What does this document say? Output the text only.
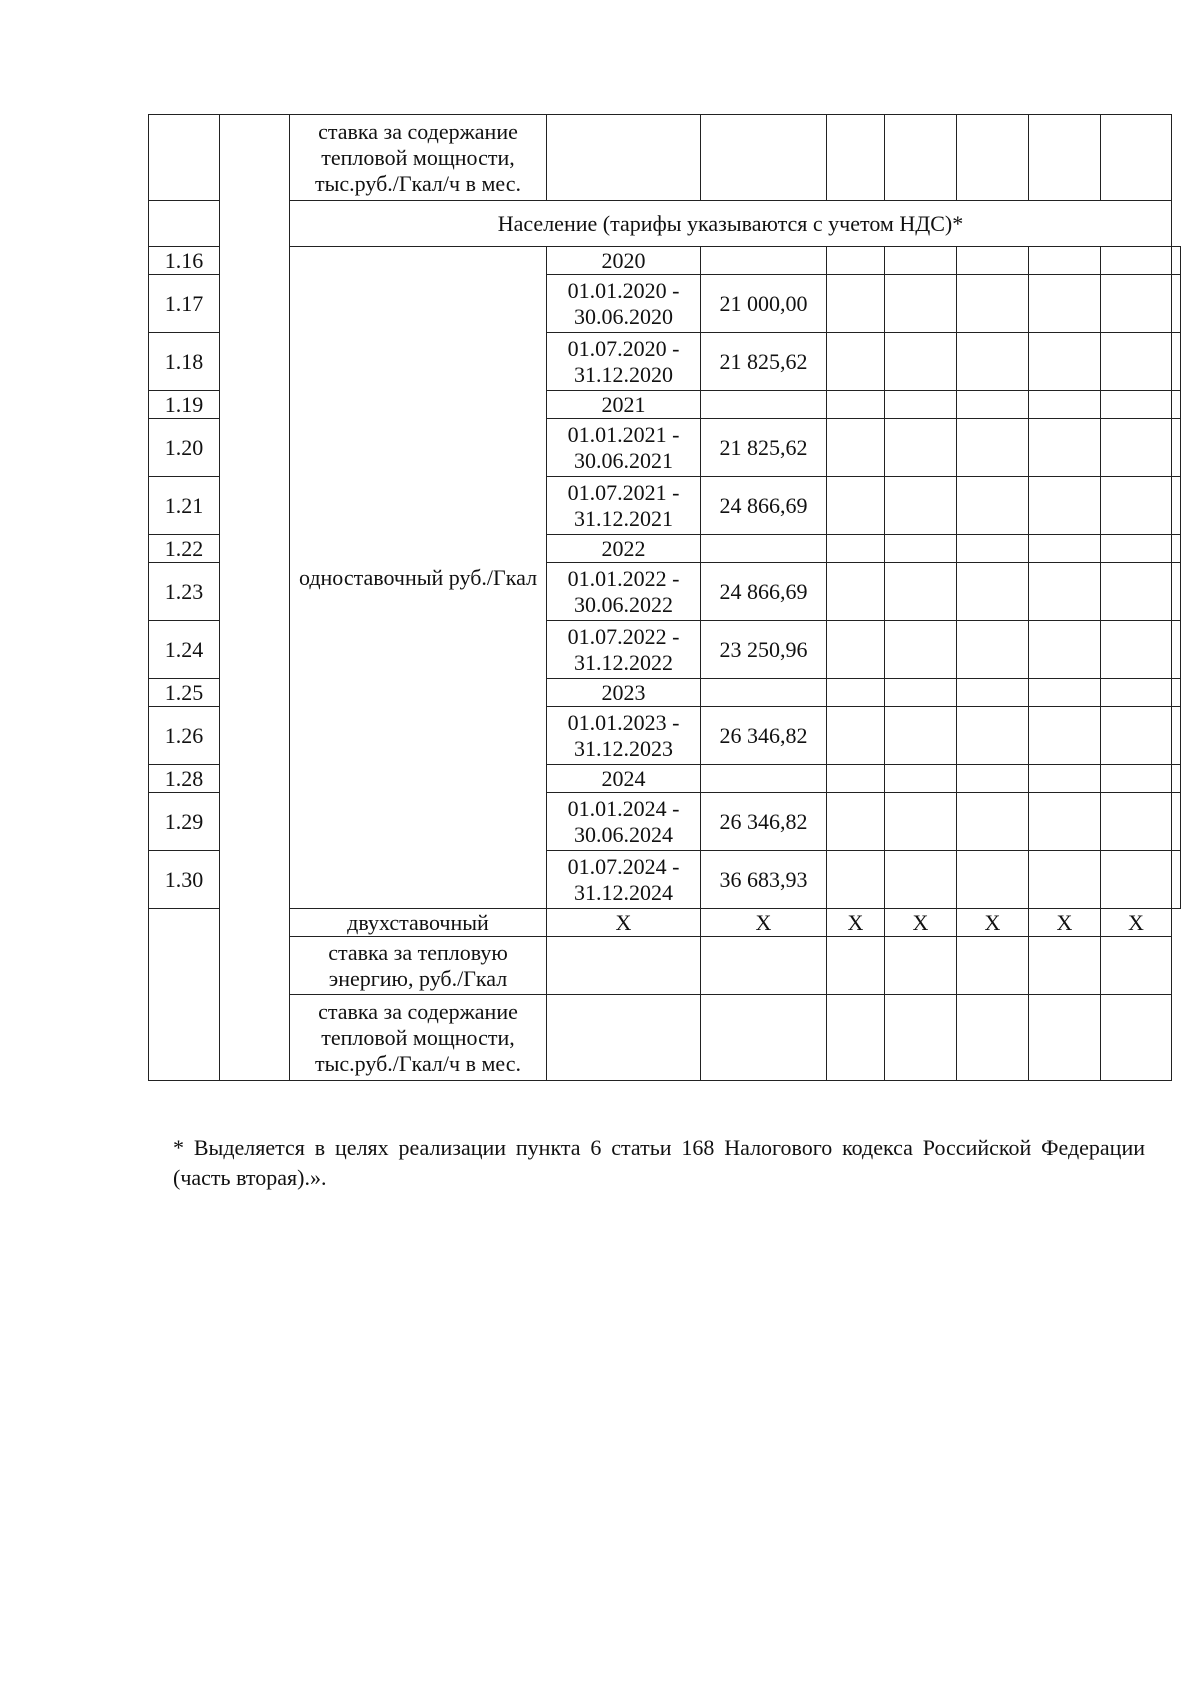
		ставка за содержание тепловой мощности, тыс.руб./Гкал/ч в мес.								
		Население (тарифы указываются с учетом НДС)*								
1.16		одноставочный руб./Гкал	2020							
1.17			01.01.2020 - 30.06.2020	21 000,00						
1.18			01.07.2020 - 31.12.2020	21 825,62						
1.19			2021							
1.20			01.01.2021 - 30.06.2021	21 825,62						
1.21			01.07.2021 - 31.12.2021	24 866,69						
1.22			2022							
1.23			01.01.2022 - 30.06.2022	24 866,69						
1.24			01.07.2022 - 31.12.2022	23 250,96						
1.25			2023							
1.26			01.01.2023 - 31.12.2023	26 346,82						
1.28			2024							
1.29			01.01.2024 - 30.06.2024	26 346,82						
1.30			01.07.2024 - 31.12.2024	36 683,93						
		двухставочный	X	X	X	X	X	X	X	
		ставка за тепловую энергию, руб./Гкал								
		ставка за содержание тепловой мощности, тыс.руб./Гкал/ч в мес.								

* Выделяется в целях реализации пункта 6 статьи 168 Налогового кодекса Российской Федерации (часть вторая).».
